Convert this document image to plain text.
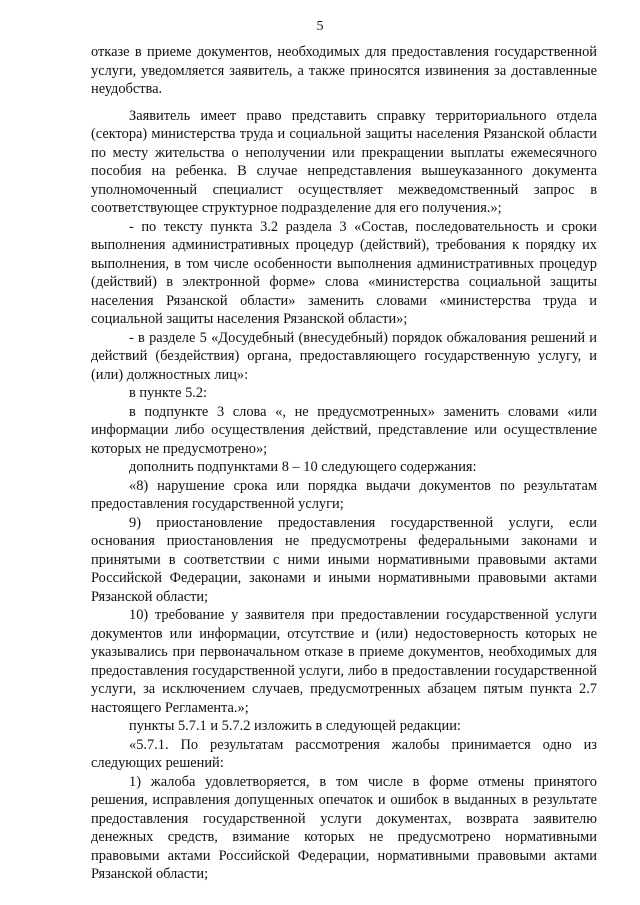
5

отказе в приеме документов, необходимых для предоставления государственной услуги, уведомляется заявитель, а также приносятся извинения за доставленные неудобства.

Заявитель имеет право представить справку территориального отдела (сектора) министерства труда и социальной защиты населения Рязанской области по месту жительства о неполучении или прекращении выплаты ежемесячного пособия на ребенка. В случае непредставления вышеуказанного документа уполномоченный специалист осуществляет межведомственный запрос в соответствующее структурное подразделение для его получения.»;

- по тексту пункта 3.2 раздела 3 «Состав, последовательность и сроки выполнения административных процедур (действий), требования к порядку их выполнения, в том числе особенности выполнения административных процедур (действий) в электронной форме» слова «министерства социальной защиты населения Рязанской области» заменить словами «министерства труда и социальной защиты населения Рязанской области»;

- в разделе 5 «Досудебный (внесудебный) порядок обжалования решений и действий (бездействия) органа, предоставляющего государственную услугу, и (или) должностных лиц»:

в пункте 5.2:

в подпункте 3 слова «, не предусмотренных» заменить словами «или информации либо осуществления действий, представление или осуществление которых не предусмотрено»;

дополнить подпунктами 8 – 10 следующего содержания:

«8) нарушение срока или порядка выдачи документов по результатам предоставления государственной услуги;

9) приостановление предоставления государственной услуги, если основания приостановления не предусмотрены федеральными законами и принятыми в соответствии с ними иными нормативными правовыми актами Российской Федерации, законами и иными нормативными правовыми актами Рязанской области;

10) требование у заявителя при предоставлении государственной услуги документов или информации, отсутствие и (или) недостоверность которых не указывались при первоначальном отказе в приеме документов, необходимых для предоставления государственной услуги, либо в предоставлении государственной услуги, за исключением случаев, предусмотренных абзацем пятым пункта 2.7 настоящего Регламента.»;

пункты 5.7.1 и 5.7.2 изложить в следующей редакции:

«5.7.1. По результатам рассмотрения жалобы принимается одно из следующих решений:

1) жалоба удовлетворяется, в том числе в форме отмены принятого решения, исправления допущенных опечаток и ошибок в выданных в результате предоставления государственной услуги документах, возврата заявителю денежных средств, взимание которых не предусмотрено нормативными правовыми актами Российской Федерации, нормативными правовыми актами Рязанской области;
